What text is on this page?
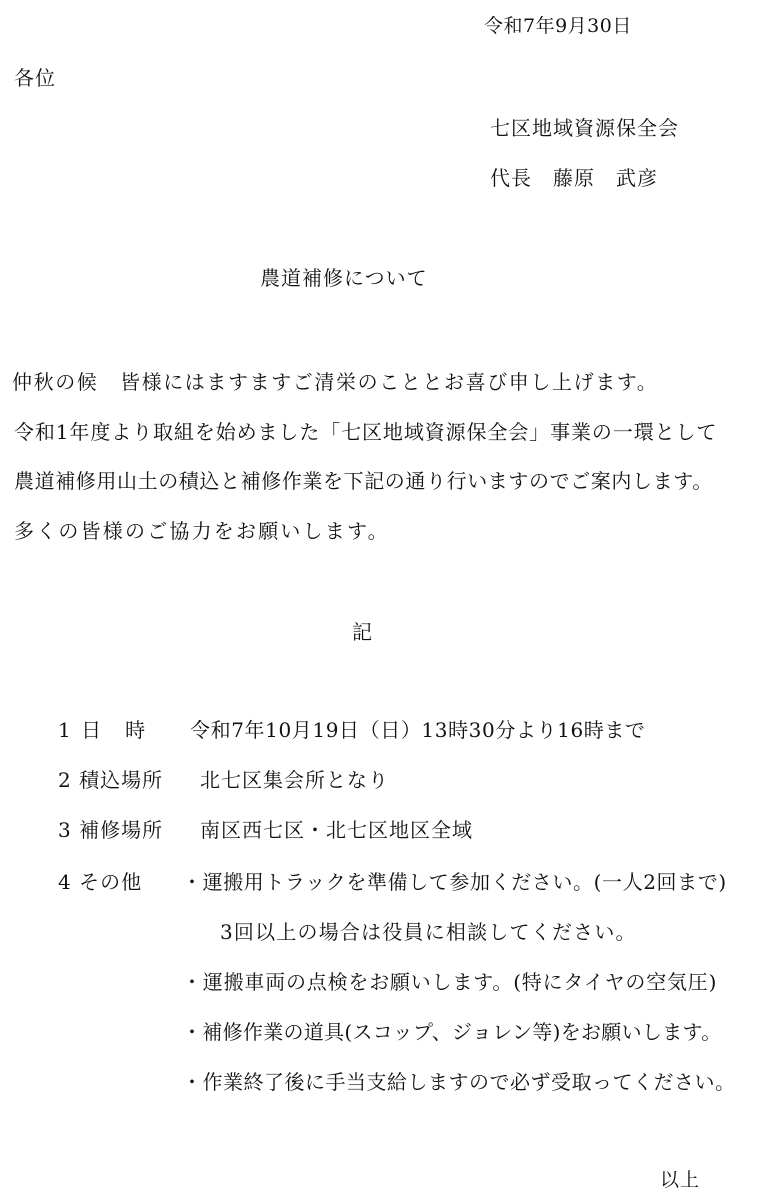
令和7年9月30日
各位
七区地域資源保全会
代長　藤原　武彦
農道補修について
仲秋の候　皆様にはますますご清栄のこととお喜び申し上げます。
令和1年度より取組を始めました「七区地域資源保全会」事業の一環として
農道補修用山土の積込と補修作業を下記の通り行いますのでご案内します。
多くの皆様のご協力をお願いします。
記
1 日　時 令和7年10月19日（日）13時30分より16時まで
2 積込場所 北七区集会所となり
3 補修場所 南区西七区・北七区地区全域
4 その他 ・運搬用トラックを準備して参加ください。(一人2回まで)
3回以上の場合は役員に相談してください。
・運搬車両の点検をお願いします。(特にタイヤの空気圧)
・補修作業の道具(スコップ、ジョレン等)をお願いします。
・作業終了後に手当支給しますので必ず受取ってください。
以上
